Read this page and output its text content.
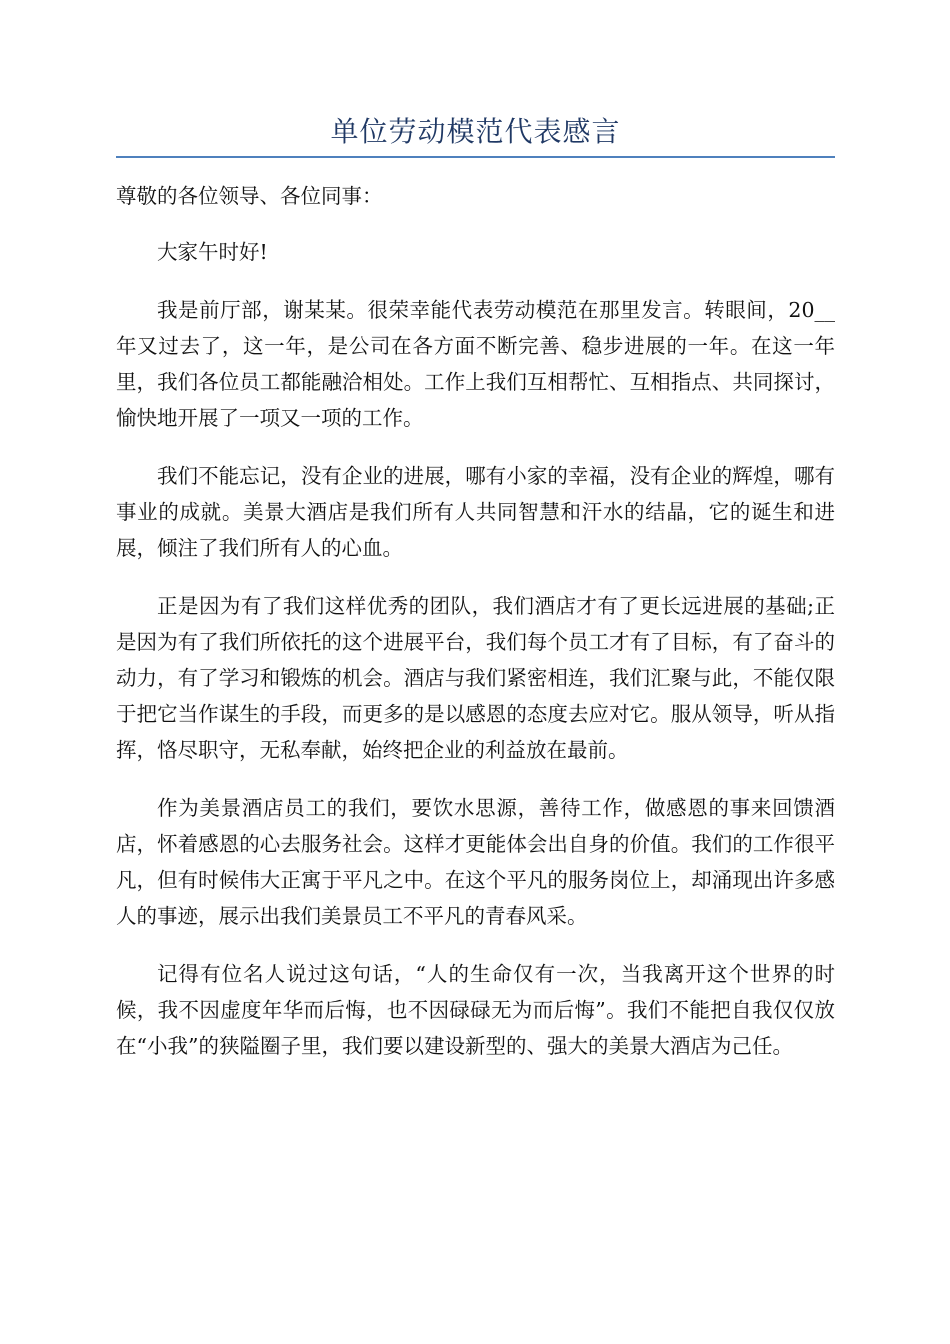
单位劳动模范代表感言

尊敬的各位领导、各位同事：

大家午时好!

我是前厅部，谢某某。很荣幸能代表劳动模范在那里发言。转眼间，20__年又过去了，这一年，是公司在各方面不断完善、稳步进展的一年。在这一年里，我们各位员工都能融洽相处。工作上我们互相帮忙、互相指点、共同探讨，愉快地开展了一项又一项的工作。

我们不能忘记，没有企业的进展，哪有小家的幸福，没有企业的辉煌，哪有事业的成就。美景大酒店是我们所有人共同智慧和汗水的结晶，它的诞生和进展，倾注了我们所有人的心血。

正是因为有了我们这样优秀的团队，我们酒店才有了更长远进展的基础;正是因为有了我们所依托的这个进展平台，我们每个员工才有了目标，有了奋斗的动力，有了学习和锻炼的机会。酒店与我们紧密相连，我们汇聚与此，不能仅限于把它当作谋生的手段，而更多的是以感恩的态度去应对它。服从领导，听从指挥，恪尽职守，无私奉献，始终把企业的利益放在最前。

作为美景酒店员工的我们，要饮水思源，善待工作，做感恩的事来回馈酒店，怀着感恩的心去服务社会。这样才更能体会出自身的价值。我们的工作很平凡，但有时候伟大正寓于平凡之中。在这个平凡的服务岗位上，却涌现出许多感人的事迹，展示出我们美景员工不平凡的青春风采。

记得有位名人说过这句话，“人的生命仅有一次，当我离开这个世界的时候，我不因虚度年华而后悔，也不因碌碌无为而后悔”。我们不能把自我仅仅放在“小我”的狭隘圈子里，我们要以建设新型的、强大的美景大酒店为己任。
